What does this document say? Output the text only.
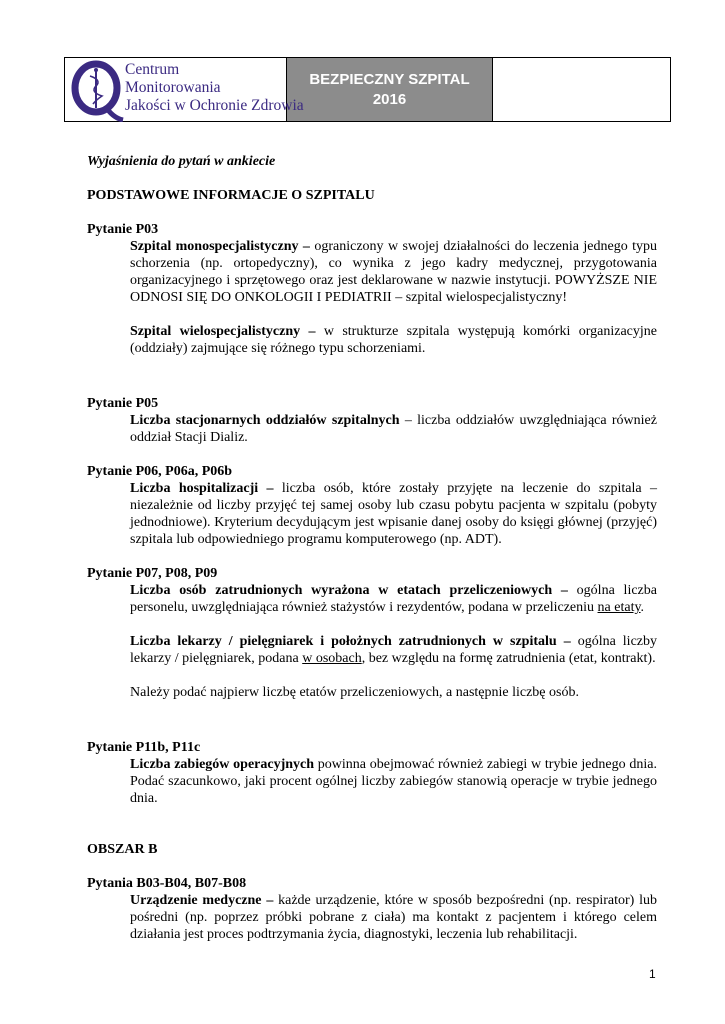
Centrum
Monitorowania
Jakości w Ochronie Zdrowia
BEZPIECZNY SZPITAL
2016

Wyjaśnienia do pytań w ankiecie

PODSTAWOWE INFORMACJE O SZPITALU

Pytanie P03

Szpital monospecjalistyczny – ograniczony w swojej działalności do leczenia jednego typu schorzenia (np. ortopedyczny), co wynika z jego kadry medycznej, przygotowania organizacyjnego i sprzętowego oraz jest deklarowane w nazwie instytucji. POWYŻSZE NIE ODNOSI SIĘ DO ONKOLOGII I PEDIATRII – szpital wielospecjalistyczny!

Szpital wielospecjalistyczny – w strukturze szpitala występują komórki organizacyjne (oddziały) zajmujące się różnego typu schorzeniami.

Pytanie P05

Liczba stacjonarnych oddziałów szpitalnych – liczba oddziałów uwzględniająca również oddział Stacji Dializ.

Pytanie P06, P06a, P06b

Liczba hospitalizacji – liczba osób, które zostały przyjęte na leczenie do szpitala – niezależnie od liczby przyjęć tej samej osoby lub czasu pobytu pacjenta w szpitalu (pobyty jednodniowe). Kryterium decydującym jest wpisanie danej osoby do księgi głównej (przyjęć) szpitala lub odpowiedniego programu komputerowego (np. ADT).

Pytanie P07, P08, P09

Liczba osób zatrudnionych wyrażona w etatach przeliczeniowych – ogólna liczba personelu, uwzględniająca również stażystów i rezydentów, podana w przeliczeniu na etaty.

Liczba lekarzy / pielęgniarek i położnych zatrudnionych w szpitalu – ogólna liczby lekarzy / pielęgniarek, podana w osobach, bez względu na formę zatrudnienia (etat, kontrakt).

Należy podać najpierw liczbę etatów przeliczeniowych, a następnie liczbę osób.

Pytanie P11b, P11c

Liczba zabiegów operacyjnych powinna obejmować również zabiegi w trybie jednego dnia. Podać szacunkowo, jaki procent ogólnej liczby zabiegów stanowią operacje w trybie jednego dnia.

OBSZAR B

Pytania B03-B04, B07-B08

Urządzenie medyczne – każde urządzenie, które w sposób bezpośredni (np. respirator) lub pośredni (np. poprzez próbki pobrane z ciała) ma kontakt z pacjentem i którego celem działania jest proces podtrzymania życia, diagnostyki, leczenia lub rehabilitacji.

1
